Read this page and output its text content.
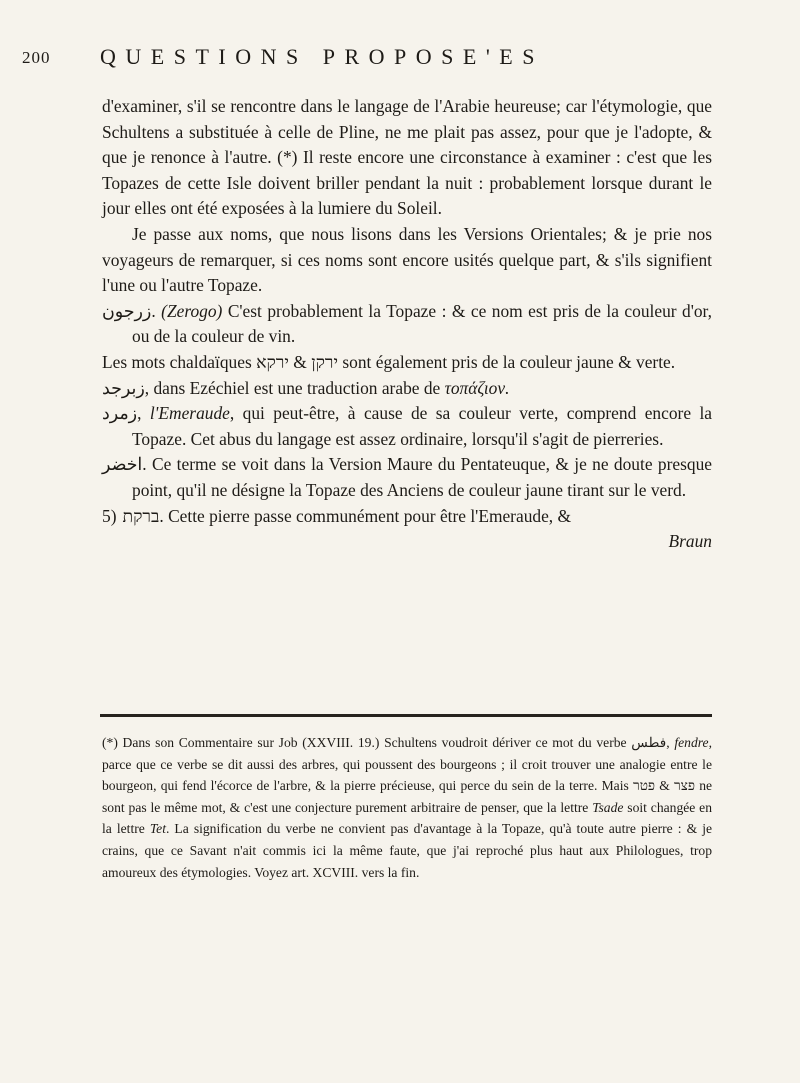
200 QUESTIONS PROPOSE'ES

d'examiner, s'il se rencontre dans le langage de l'Arabie heureuse; car l'étymologie, que Schultens a substituée à celle de Pline, ne me plait pas assez, pour que je l'adopte, & que je renonce à l'autre. (*) Il reste encore une circonstance à examiner : c'est que les Topazes de cette Isle doivent briller pendant la nuit : probablement lorsque durant le jour elles ont été exposées à la lumiere du Soleil.

Je passe aux noms, que nous lisons dans les Versions Orientales; & je prie nos voyageurs de remarquer, si ces noms sont encore usités quelque part, & s'ils signifient l'une ou l'autre Topaze.

زرجون. (Zerogo) C'est probablement la Topaze : & ce nom est pris de la couleur d'or, ou de la couleur de vin.

Les mots chaldaïques	ירקן & ירקא	sont également pris de la couleur jaune & verte.

زبرجد, dans Ezéchiel est une traduction arabe de τοπάζιον.

زمرد, l'Emeraude, qui peut-être, à cause de sa couleur verte, comprend encore la Topaze. Cet abus du langage est assez ordinaire, lorsqu'il s'agit de pierreries.

اخضر. Ce terme se voit dans la Version Maure du Pentateuque, & je ne doute presque point, qu'il ne désigne la Topaze des Anciens de couleur jaune tirant sur le verd.

5) ברקת. Cette pierre passe communément pour être l'Emeraude, &

Braun

(*) Dans son Commentaire sur Job (XXVIII. 19.) Schultens voudroit dériver ce mot du verbe فطس, fendre, parce que ce verbe se dit aussi des arbres, qui poussent des bourgeons ; il croit trouver une analogie entre le bourgeon, qui fend l'écorce de l'arbre, & la pierre précieuse, qui perce du sein de la terre. Mais	פצר & פטר	ne sont pas le même mot, & c'est une conjecture purement arbitraire de penser, que la lettre Tsade soit changée en la lettre Tet. La signification du verbe ne convient pas d'avantage à la Topaze, qu'à toute autre pierre : & je crains, que ce Savant n'ait commis ici la même faute, que j'ai reproché plus haut aux Philologues, trop amoureux des étymologies. Voyez art. XCVIII. vers la fin.
